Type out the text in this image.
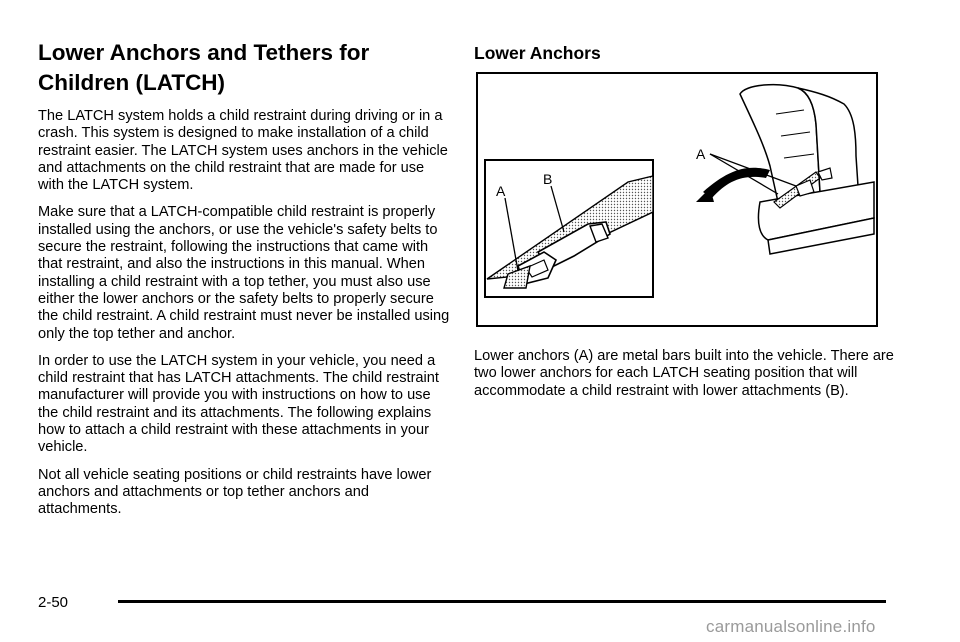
Lower Anchors and Tethers for Children (LATCH)

The LATCH system holds a child restraint during driving or in a crash. This system is designed to make installation of a child restraint easier. The LATCH system uses anchors in the vehicle and attachments on the child restraint that are made for use with the LATCH system.

Make sure that a LATCH-compatible child restraint is properly installed using the anchors, or use the vehicle's safety belts to secure the restraint, following the instructions that came with that restraint, and also the instructions in this manual. When installing a child restraint with a top tether, you must also use either the lower anchors or the safety belts to properly secure the child restraint. A child restraint must never be installed using only the top tether and anchor.

In order to use the LATCH system in your vehicle, you need a child restraint that has LATCH attachments. The child restraint manufacturer will provide you with instructions on how to use the child restraint and its attachments. The following explains how to attach a child restraint with these attachments in your vehicle.

Not all vehicle seating positions or child restraints have lower anchors and attachments or top tether anchors and attachments.

Lower Anchors
A
B
A

Lower anchors (A) are metal bars built into the vehicle. There are two lower anchors for each LATCH seating position that will accommodate a child restraint with lower attachments (B).

2-50
carmanualsonline.info
